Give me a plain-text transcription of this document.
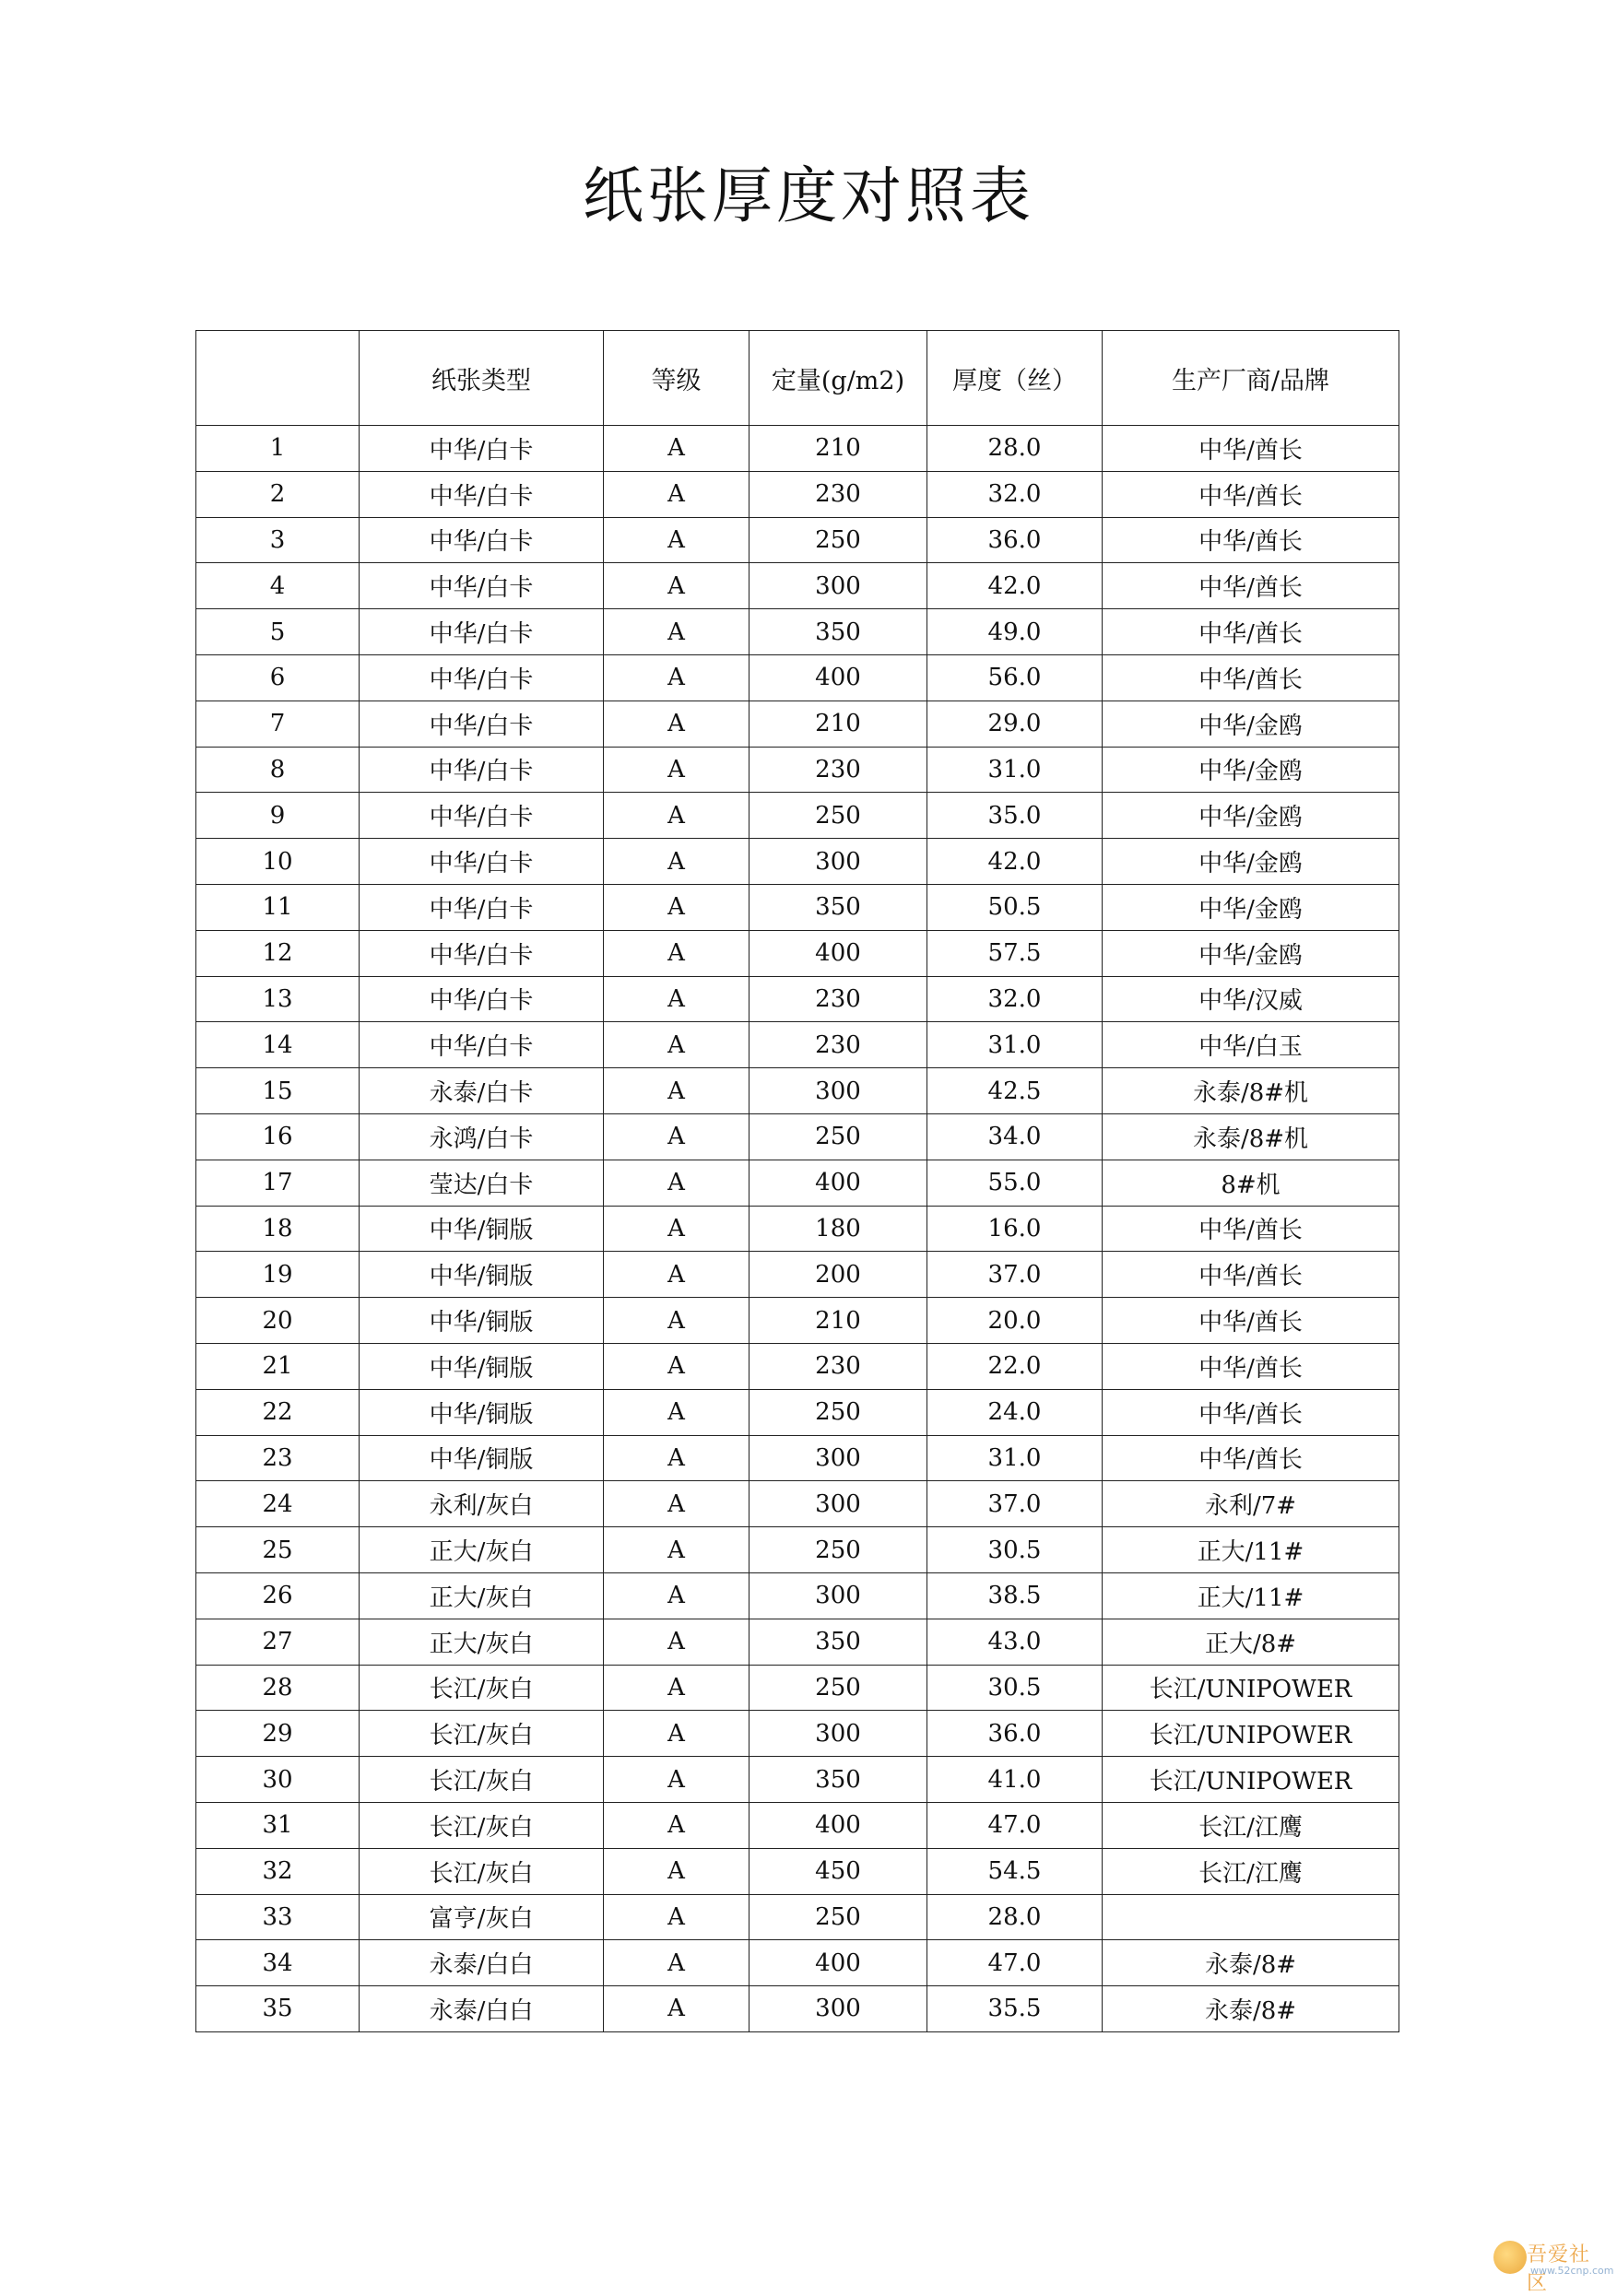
纸张厚度对照表
	纸张类型	等级	定量(g/m2)	厚度（丝）	生产厂商/品牌
1	中华/白卡	A	210	28.0	中华/酋长
2	中华/白卡	A	230	32.0	中华/酋长
3	中华/白卡	A	250	36.0	中华/酋长
4	中华/白卡	A	300	42.0	中华/酋长
5	中华/白卡	A	350	49.0	中华/酋长
6	中华/白卡	A	400	56.0	中华/酋长
7	中华/白卡	A	210	29.0	中华/金鸥
8	中华/白卡	A	230	31.0	中华/金鸥
9	中华/白卡	A	250	35.0	中华/金鸥
10	中华/白卡	A	300	42.0	中华/金鸥
11	中华/白卡	A	350	50.5	中华/金鸥
12	中华/白卡	A	400	57.5	中华/金鸥
13	中华/白卡	A	230	32.0	中华/汉威
14	中华/白卡	A	230	31.0	中华/白玉
15	永泰/白卡	A	300	42.5	永泰/8#机
16	永鸿/白卡	A	250	34.0	永泰/8#机
17	莹达/白卡	A	400	55.0	8#机
18	中华/铜版	A	180	16.0	中华/酋长
19	中华/铜版	A	200	37.0	中华/酋长
20	中华/铜版	A	210	20.0	中华/酋长
21	中华/铜版	A	230	22.0	中华/酋长
22	中华/铜版	A	250	24.0	中华/酋长
23	中华/铜版	A	300	31.0	中华/酋长
24	永利/灰白	A	300	37.0	永利/7#
25	正大/灰白	A	250	30.5	正大/11#
26	正大/灰白	A	300	38.5	正大/11#
27	正大/灰白	A	350	43.0	正大/8#
28	长江/灰白	A	250	30.5	长江/UNIPOWER
29	长江/灰白	A	300	36.0	长江/UNIPOWER
30	长江/灰白	A	350	41.0	长江/UNIPOWER
31	长江/灰白	A	400	47.0	长江/江鹰
32	长江/灰白	A	450	54.5	长江/江鹰
33	富亨/灰白	A	250	28.0	
34	永泰/白白	A	400	47.0	永泰/8#
35	永泰/白白	A	300	35.5	永泰/8#
吾爱社区
www.52cnp.com
